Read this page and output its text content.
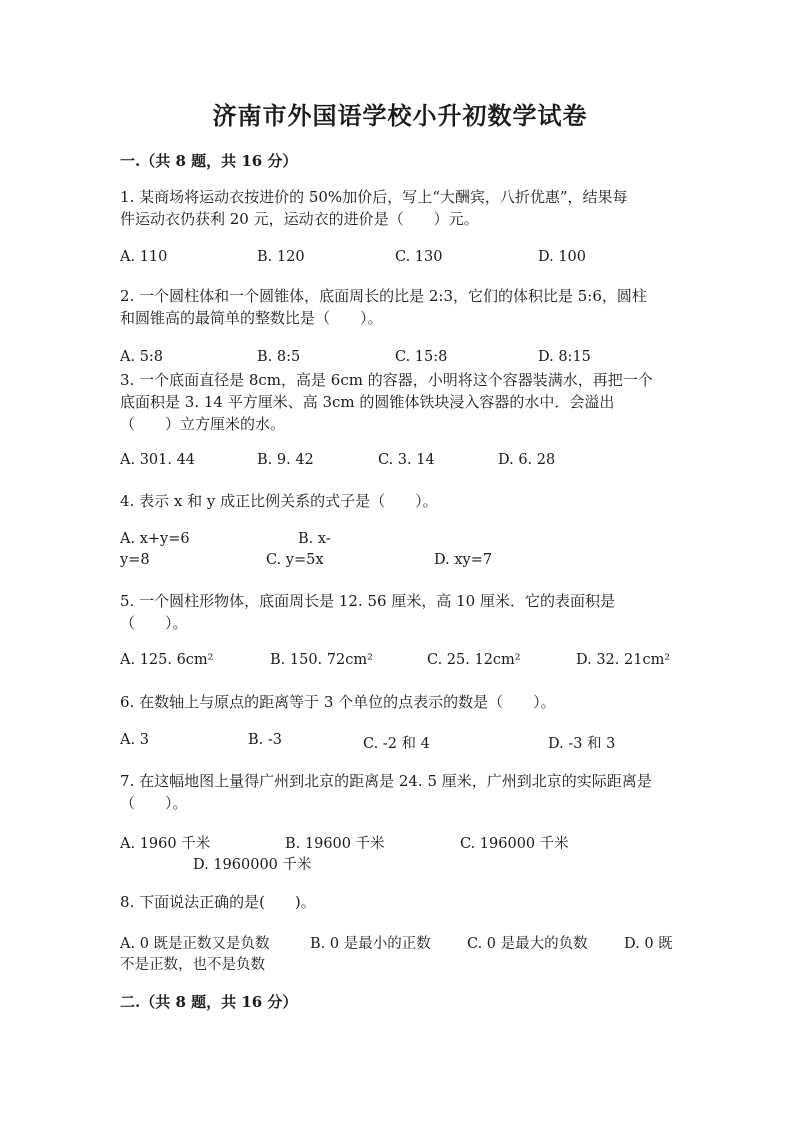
济南市外国语学校小升初数学试卷
一.（共 8 题，共 16 分）
1. 某商场将运动衣按进价的 50%加价后，写上“大酬宾，八折优惠”，结果每
件运动衣仍获利 20 元，运动衣的进价是（　　）元。
A. 110	B. 120	C. 130	D. 100
2. 一个圆柱体和一个圆锥体，底面周长的比是 2:3，它们的体积比是 5:6，圆柱
和圆锥高的最简单的整数比是（　　）。
A. 5:8	B. 8:5	C. 15:8	D. 8:15
3. 一个底面直径是 8cm，高是 6cm 的容器，小明将这个容器装满水，再把一个
底面积是 3. 14 平方厘米、高 3cm 的圆锥体铁块浸入容器的水中．会溢出
（　　）立方厘米的水。
A. 301. 44	B. 9. 42	C. 3. 14	D. 6. 28
4. 表示 x 和 y 成正比例关系的式子是（　　）。
A. x+y=6	B. x-
y=8	C. y=5x	D. xy=7
5. 一个圆柱形物体，底面周长是 12. 56 厘米，高 10 厘米．它的表面积是
（　　）。
A. 125. 6cm²	B. 150. 72cm²	C. 25. 12cm²	D. 32. 21cm²
6. 在数轴上与原点的距离等于 3 个单位的点表示的数是（　　）。
A. 3	B. -3	C. -2 和 4	D. -3 和 3
7. 在这幅地图上量得广州到北京的距离是 24. 5 厘米，广州到北京的实际距离是
（　　）。
A. 1960 千米	B. 19600 千米	C. 196000 千米
D. 1960000 千米
8. 下面说法正确的是(　　)。
A. 0 既是正数又是负数	B. 0 是最小的正数	C. 0 是最大的负数	D. 0 既
不是正数，也不是负数
二.（共 8 题，共 16 分）
